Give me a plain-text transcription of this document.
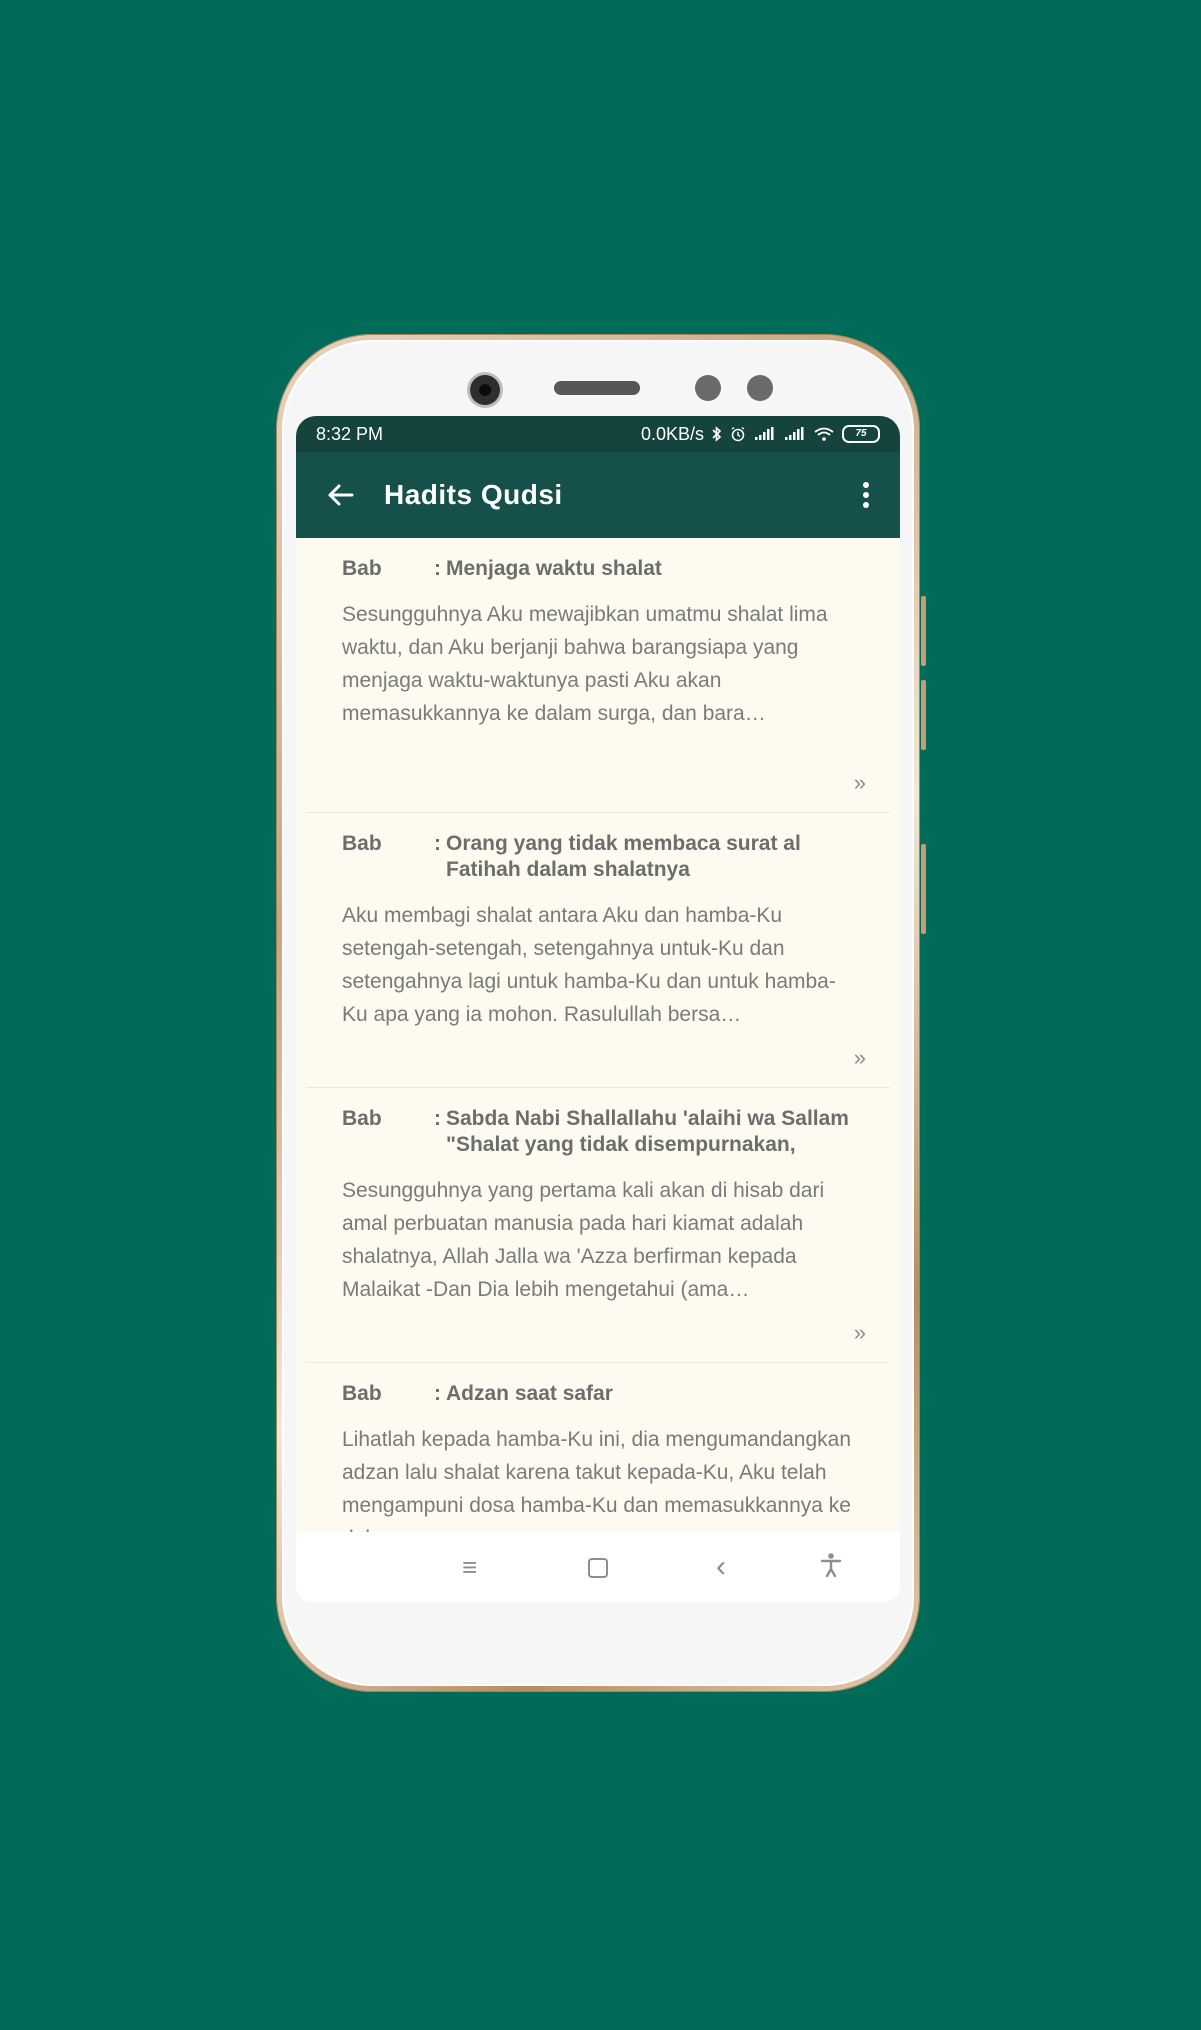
8:32 PM	0.0KB/s	75
Hadits Qudsi
Bab	: Menjaga waktu shalat
Sesungguhnya Aku mewajibkan umatmu shalat lima waktu, dan Aku berjanji bahwa barangsiapa yang menjaga waktu-waktunya pasti Aku akan memasukkannya ke dalam surga, dan bara…
»
Bab	: Orang yang tidak membaca surat al Fatihah dalam shalatnya
Aku membagi shalat antara Aku dan hamba-Ku setengah-setengah, setengahnya untuk-Ku dan setengahnya lagi untuk hamba-Ku dan untuk hamba-Ku apa yang ia mohon. Rasulullah bersa…
»
Bab	: Sabda Nabi Shallallahu 'alaihi wa Sallam "Shalat yang tidak disempurnakan,
Sesungguhnya yang pertama kali akan di hisab dari amal perbuatan manusia pada hari kiamat adalah shalatnya, Allah Jalla wa 'Azza berfirman kepada Malaikat -Dan Dia lebih mengetahui (ama…
»
Bab	: Adzan saat safar
Lihatlah kepada hamba-Ku ini, dia mengumandangkan adzan lalu shalat karena takut kepada-Ku, Aku telah mengampuni dosa hamba-Ku dan memasukkannya ke
≡	‹
